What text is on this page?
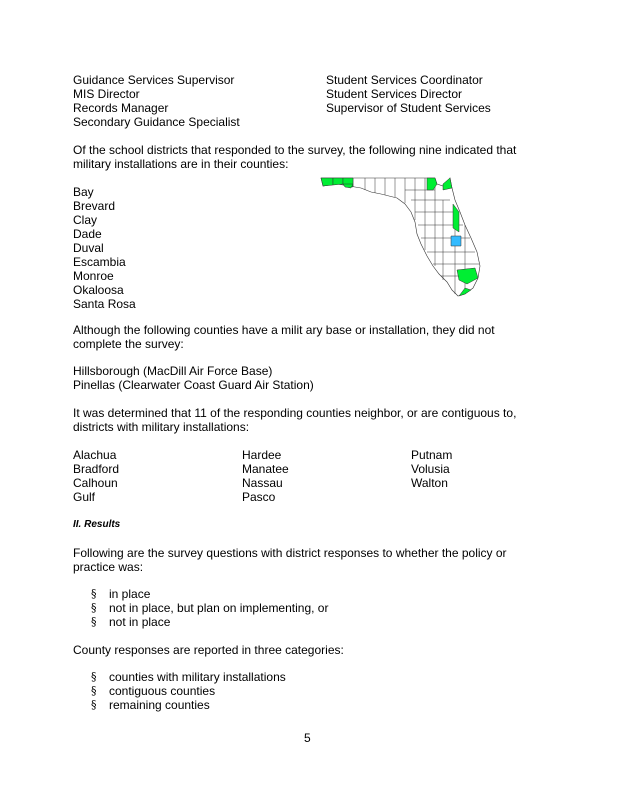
Guidance Services Supervisor
MIS Director
Records Manager
Secondary Guidance Specialist
Student Services Coordinator
Student Services Director
Supervisor of Student Services
Of the school districts that responded to the survey, the following nine indicated that
military installations are in their counties:
Bay
Brevard
Clay
Dade
Duval
Escambia
Monroe
Okaloosa
Santa Rosa
Although the following counties have a milit ary base or installation, they did not
complete the survey:
Hillsborough (MacDill Air Force Base)
Pinellas (Clearwater Coast Guard Air Station)
It was determined that 11 of the responding counties neighbor, or are contiguous to,
districts with military installations:
Alachua
Bradford
Calhoun
Gulf
Hardee
Manatee
Nassau
Pasco
Putnam
Volusia
Walton
II. Results
Following are the survey questions with district responses to whether the policy or
practice was:
§ in place
§ not in place, but plan on implementing, or
§ not in place
County responses are reported in three categories:
§ counties with military installations
§ contiguous counties
§ remaining counties
5
